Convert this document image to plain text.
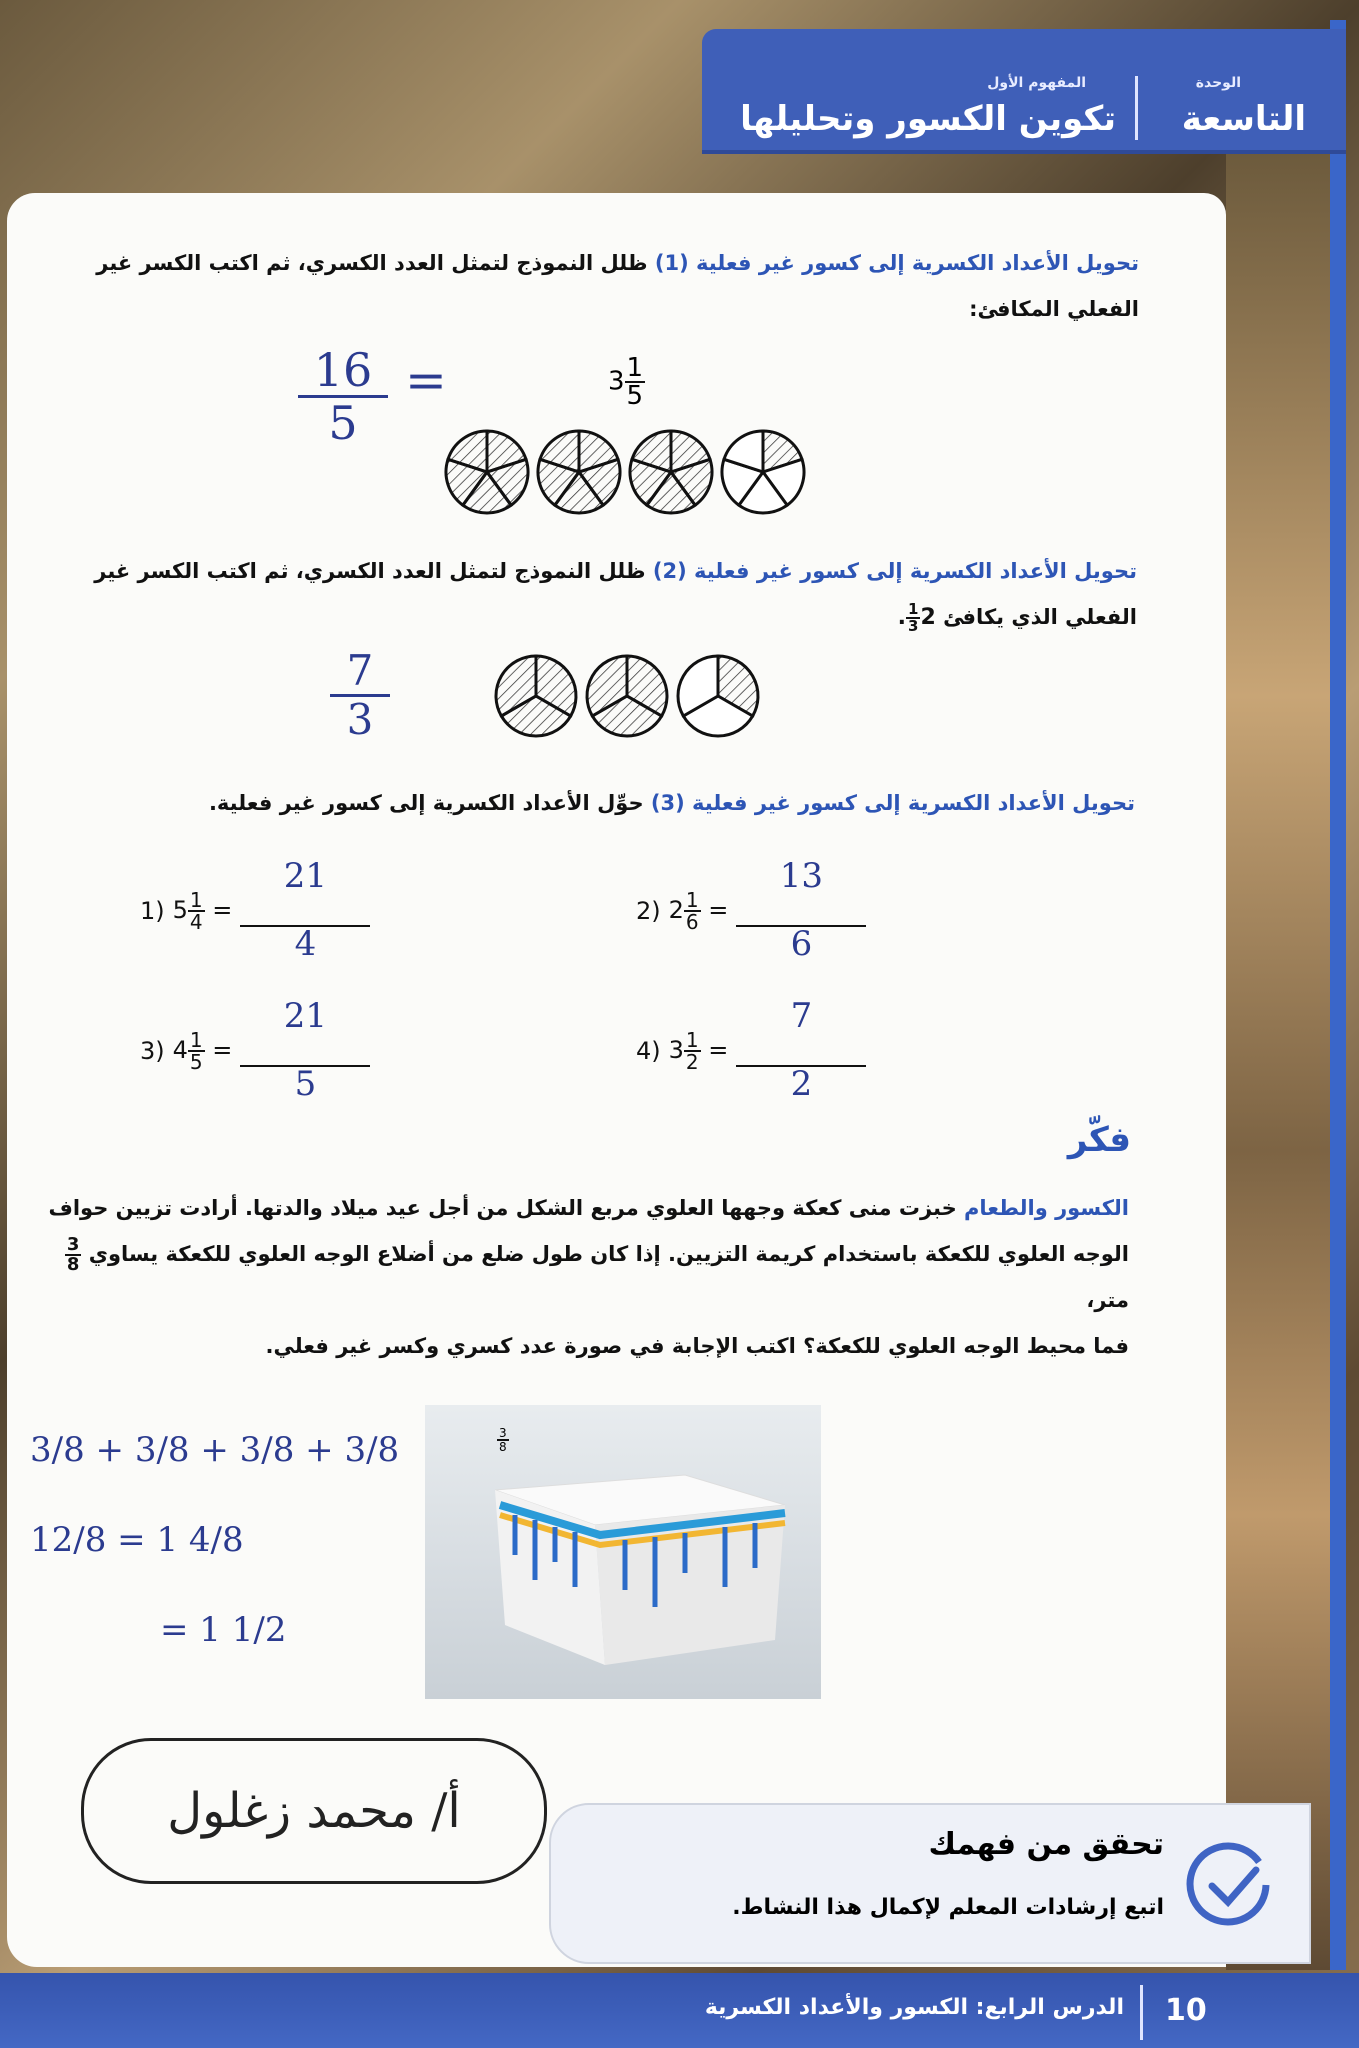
الوحدة
التاسعة
المفهوم الأول
تكوين الكسور وتحليلها
تحويل الأعداد الكسرية إلى كسور غير فعلية (1) ظلل النموذج لتمثل العدد الكسري، ثم اكتب الكسر غير الفعلي المكافئ:
$\frac{16}{5}$ =	$3 \frac{1}{5}$
تحويل الأعداد الكسرية إلى كسور غير فعلية (2) ظلل النموذج لتمثل العدد الكسري، ثم اكتب الكسر غير الفعلي الذي يكافئ 2
$\frac{1}{3}$
.
$\frac{7}{3}$
تحويل الأعداد الكسرية إلى كسور غير فعلية (3) حوِّل الأعداد الكسرية إلى كسور غير فعلية.
1) $5 \frac{1}{4}$ =
21
4
2) $2 \frac{1}{6}$ =
13
6
3) $4 \frac{1}{5}$ =
21
5
4) $3 \frac{1}{2}$ =
7
2
فكّر
الكسور والطعام خبزت منى كعكة وجهها العلوي مربع الشكل من أجل عيد ميلاد والدتها. أرادت تزيين حواف
الوجه العلوي للكعكة باستخدام كريمة التزيين. إذا كان طول ضلع من أضلاع الوجه العلوي للكعكة يساوي
$\frac{3}{8}$
متر،
فما محيط الوجه العلوي للكعكة؟ اكتب الإجابة في صورة عدد كسري وكسر غير فعلي.
$\frac{3}{8}$
3/8 + 3/8 + 3/8 + 3/8
12/8 = 1 4/8
= 1 1/2
أ/ محمد زغلول
تحقق من فهمك
اتبع إرشادات المعلم لإكمال هذا النشاط.
10
الدرس الرابع: الكسور والأعداد الكسرية
